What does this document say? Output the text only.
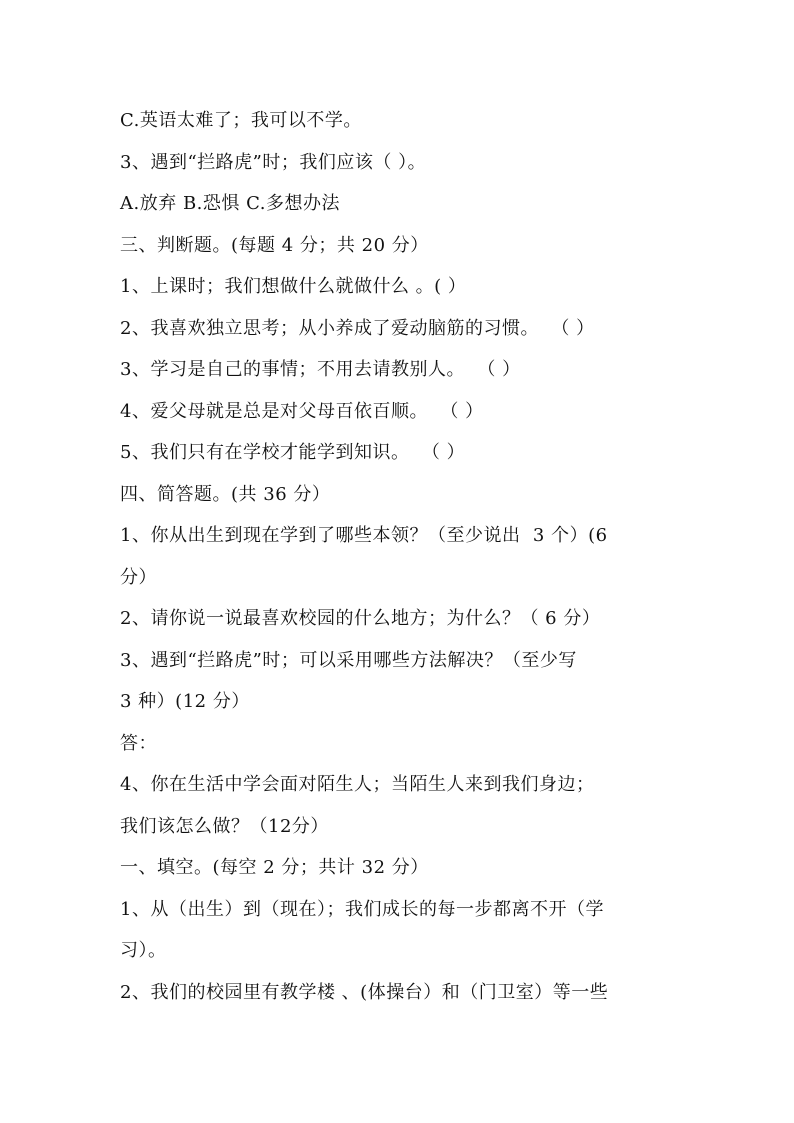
C.英语太难了；我可以不学。
3、遇到“拦路虎”时；我们应该（ ）。
A.放弃 B.恐惧 C.多想办法
三、判断题。(每题 4 分；共 20 分）
1、上课时；我们想做什么就做什么 。( ）
2、我喜欢独立思考；从小养成了爱动脑筋的习惯。  （ ）
3、学习是自己的事情；不用去请教别人。  （ ）
4、爱父母就是总是对父母百依百顺。  （ ）
5、我们只有在学校才能学到知识。  （ ）
四、简答题。(共 36 分）
1、你从出生到现在学到了哪些本领？（至少说出  3 个）(6
分）
2、请你说一说最喜欢校园的什么地方；为什么？（ 6 分）
3、遇到“拦路虎”时；可以采用哪些方法解决？（至少写
3 种）(12 分）
答：
4、你在生活中学会面对陌生人；当陌生人来到我们身边；
我们该怎么做？（12分）
一、填空。(每空 2 分；共计 32 分）
1、从（出生）到（现在）；我们成长的每一步都离不开（学
习）。
2、我们的校园里有教学楼 、(体操台）和（门卫室）等一些
